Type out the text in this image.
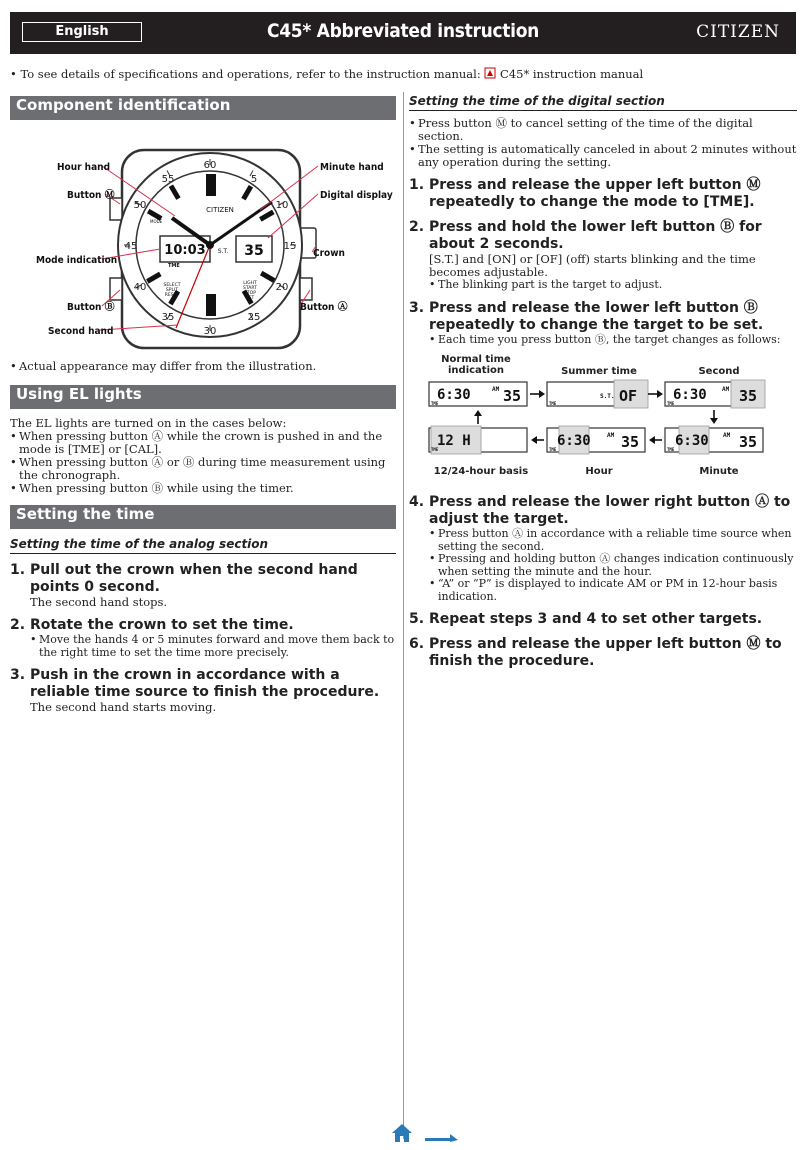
English	C45* Abbreviated instruction	CITIZEN
• To see details of specifications and operations, refer to the instruction manual: C45* instruction manual
Component identification
60
5
10
15
20
25
30
35
40
45
50
55
CITIZEN
10:03 S.T. 35
TME
MODE
SELECT
SPLIT
RESET
LIGHT
START
STOP
SET
Hour hand
Button Ⓜ
Mode indication
Button Ⓑ
Second hand
Minute hand
Digital display
Crown
Button Ⓐ
• Actual appearance may differ from the illustration.
Using EL lights

The EL lights are turned on in the cases below:

• When pressing button Ⓐ while the crown is pushed in and the mode is [TME] or [CAL].
• When pressing button Ⓐ or Ⓑ during time measurement using the chronograph.
• When pressing button Ⓑ while using the timer.
Setting the time
Setting the time of the analog section
1. Pull out the crown when the second hand points 0 second.
The second hand stops.
2. Rotate the crown to set the time.
• Move the hands 4 or 5 minutes forward and move them back to the right time to set the time more precisely.
3. Push in the crown in accordance with a reliable time source to finish the procedure.
The second hand starts moving.
Setting the time of the digital section
• Press button Ⓜ to cancel setting of the time of the digital section.
• The setting is automatically canceled in about 2 minutes without any operation during the setting.
1. Press and release the upper left button Ⓜ repeatedly to change the mode to [TME].
2. Press and hold the lower left button Ⓑ for about 2 seconds.
[S.T.] and [ON] or [OF] (off) starts blinking and the time becomes adjustable.
• The blinking part is the target to adjust.
3. Press and release the lower left button Ⓑ repeatedly to change the target to be set.
• Each time you press button Ⓑ, the target changes as follows:
Normal time indication	Summer time	Second
12/24-hour basis	Hour	Minute
6:30	AM 35
TME
S.T. OF
TME
6:30	AM 35
TME
12 H
TME
6:30	AM 35
TME
6:30 AM 35
TME
4. Press and release the lower right button Ⓐ to adjust the target.
• Press button Ⓐ in accordance with a reliable time source when setting the second.
• Pressing and holding button Ⓐ changes indication continuously when setting the minute and the hour.
• “A” or “P” is displayed to indicate AM or PM in 12-hour basis indication.
5. Repeat steps 3 and 4 to set other targets.
6. Press and release the upper left button Ⓜ to finish the procedure.
